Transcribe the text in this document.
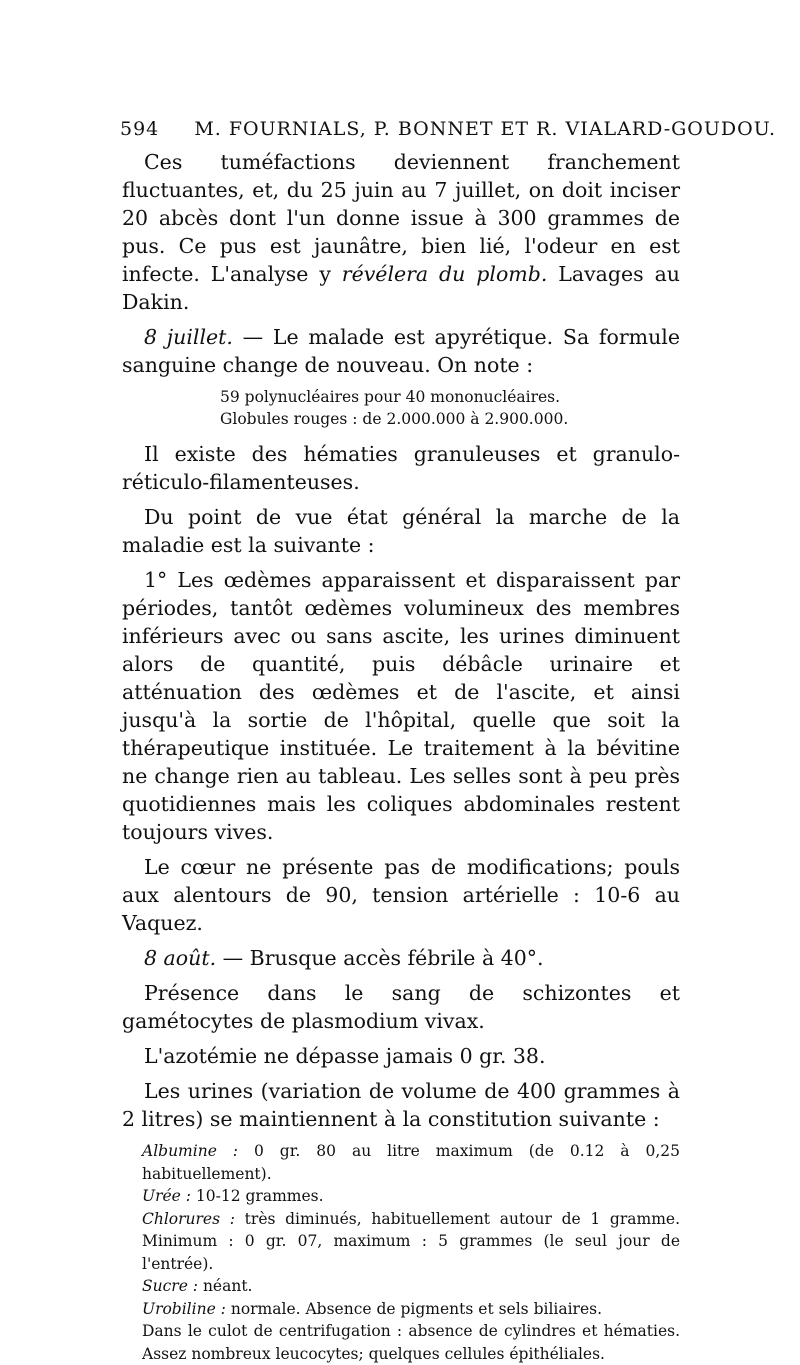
594 M. FOURNIALS, P. BONNET ET R. VIALARD-GOUDOU.

Ces tuméfactions deviennent franchement fluctuantes, et, du 25 juin au 7 juillet, on doit inciser 20 abcès dont l'un donne issue à 300 grammes de pus. Ce pus est jaunâtre, bien lié, l'odeur en est infecte. L'analyse y révélera du plomb. Lavages au Dakin.

8 juillet. — Le malade est apyrétique. Sa formule sanguine change de nouveau. On note :

59 polynucléaires pour 40 mononucléaires.

Globules rouges : de 2.000.000 à 2.900.000.

Il existe des hématies granuleuses et granulo-réticulo-filamenteuses.

Du point de vue état général la marche de la maladie est la suivante :

1° Les œdèmes apparaissent et disparaissent par périodes, tantôt œdèmes volumineux des membres inférieurs avec ou sans ascite, les urines diminuent alors de quantité, puis débâcle urinaire et atténuation des œdèmes et de l'ascite, et ainsi jusqu'à la sortie de l'hôpital, quelle que soit la thérapeutique instituée. Le traitement à la bévitine ne change rien au tableau. Les selles sont à peu près quotidiennes mais les coliques abdominales restent toujours vives.

Le cœur ne présente pas de modifications; pouls aux alentours de 90, tension artérielle : 10-6 au Vaquez.

8 août. — Brusque accès fébrile à 40°.

Présence dans le sang de schizontes et gamétocytes de plasmodium vivax.

L'azotémie ne dépasse jamais 0 gr. 38.

Les urines (variation de volume de 400 grammes à 2 litres) se maintiennent à la constitution suivante :

Albumine : 0 gr. 80 au litre maximum (de 0.12 à 0,25 habituellement).

Urée : 10-12 grammes.

Chlorures : très diminués, habituellement autour de 1 gramme. Minimum : 0 gr. 07, maximum : 5 grammes (le seul jour de l'entrée).

Sucre : néant.

Urobiline : normale. Absence de pigments et sels biliaires.

Dans le culot de centrifugation : absence de cylindres et hématies. Assez nombreux leucocytes; quelques cellules épithéliales.
